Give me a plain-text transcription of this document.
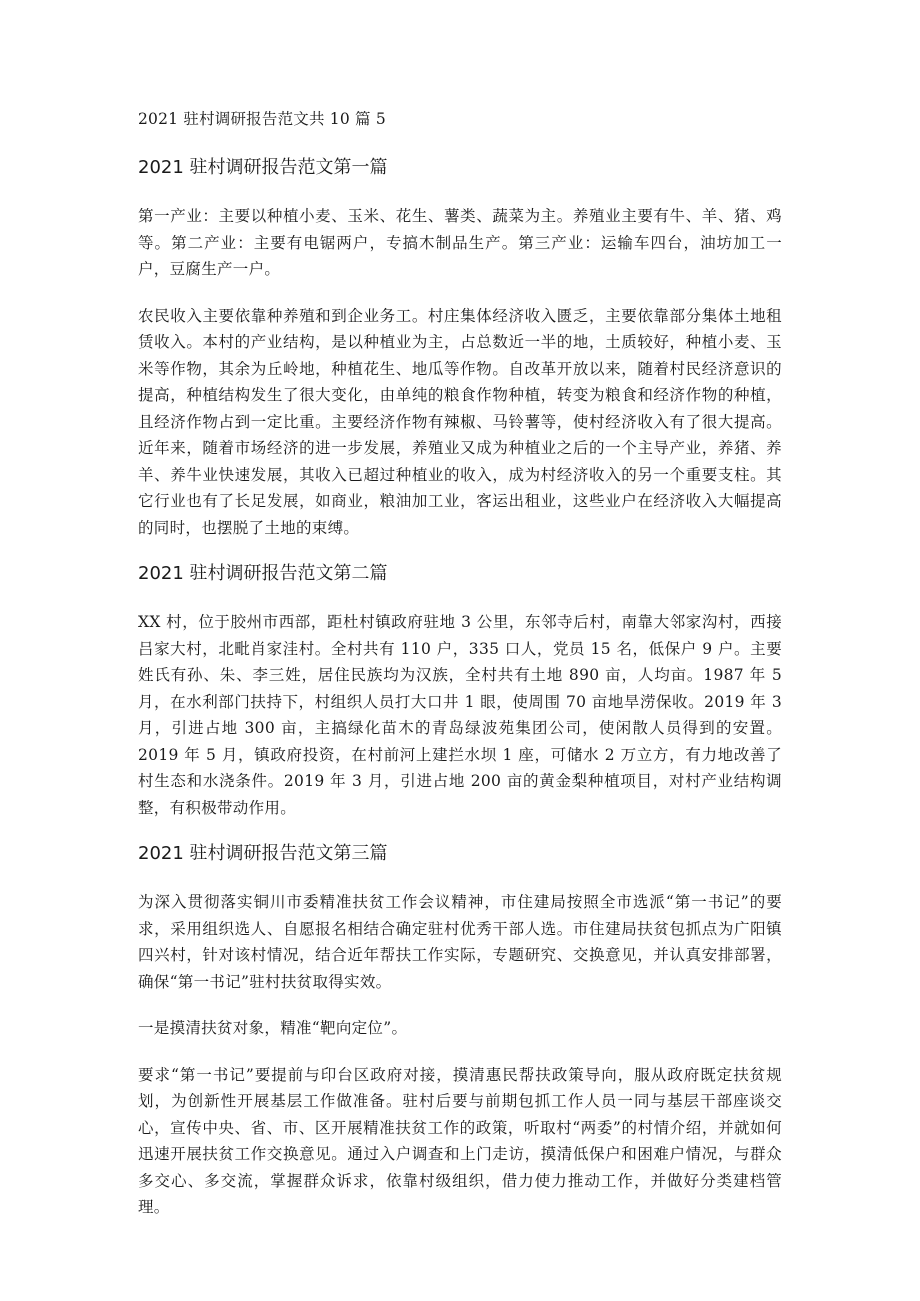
2021 驻村调研报告范文共 10 篇 5
2021 驻村调研报告范文第一篇

第一产业：主要以种植小麦、玉米、花生、薯类、蔬菜为主。养殖业主要有牛、羊、猪、鸡等。第二产业：主要有电锯两户，专搞木制品生产。第三产业：运输车四台，油坊加工一户，豆腐生产一户。

农民收入主要依靠种养殖和到企业务工。村庄集体经济收入匮乏，主要依靠部分集体土地租赁收入。本村的产业结构，是以种植业为主，占总数近一半的地，土质较好，种植小麦、玉米等作物，其余为丘岭地，种植花生、地瓜等作物。自改革开放以来，随着村民经济意识的提高，种植结构发生了很大变化，由单纯的粮食作物种植，转变为粮食和经济作物的种植，且经济作物占到一定比重。主要经济作物有辣椒、马铃薯等，使村经济收入有了很大提高。近年来，随着市场经济的进一步发展，养殖业又成为种植业之后的一个主导产业，养猪、养羊、养牛业快速发展，其收入已超过种植业的收入，成为村经济收入的另一个重要支柱。其它行业也有了长足发展，如商业，粮油加工业，客运出租业，这些业户在经济收入大幅提高的同时，也摆脱了土地的束缚。

2021 驻村调研报告范文第二篇

XX 村，位于胶州市西部，距杜村镇政府驻地 3 公里，东邻寺后村，南靠大邻家沟村，西接吕家大村，北毗肖家洼村。全村共有 110 户，335 口人，党员 15 名，低保户 9 户。主要姓氏有孙、朱、李三姓，居住民族均为汉族，全村共有土地 890 亩，人均亩。1987 年 5 月，在水利部门扶持下，村组织人员打大口井 1 眼，使周围 70 亩地旱涝保收。2019 年 3 月，引进占地 300 亩，主搞绿化苗木的青岛绿波苑集团公司，使闲散人员得到的安置。2019 年 5 月，镇政府投资，在村前河上建拦水坝 1 座，可储水 2 万立方，有力地改善了村生态和水浇条件。2019 年 3 月，引进占地 200 亩的黄金梨种植项目，对村产业结构调整，有积极带动作用。

2021 驻村调研报告范文第三篇

为深入贯彻落实铜川市委精准扶贫工作会议精神，市住建局按照全市选派“第一书记”的要求，采用组织选人、自愿报名相结合确定驻村优秀干部人选。市住建局扶贫包抓点为广阳镇四兴村，针对该村情况，结合近年帮扶工作实际，专题研究、交换意见，并认真安排部署，确保“第一书记”驻村扶贫取得实效。

一是摸清扶贫对象，精准“靶向定位”。

要求“第一书记”要提前与印台区政府对接，摸清惠民帮扶政策导向，服从政府既定扶贫规划，为创新性开展基层工作做准备。驻村后要与前期包抓工作人员一同与基层干部座谈交心，宣传中央、省、市、区开展精准扶贫工作的政策，听取村“两委”的村情介绍，并就如何迅速开展扶贫工作交换意见。通过入户调查和上门走访，摸清低保户和困难户情况，与群众多交心、多交流，掌握群众诉求，依靠村级组织，借力使力推动工作，并做好分类建档管理。
